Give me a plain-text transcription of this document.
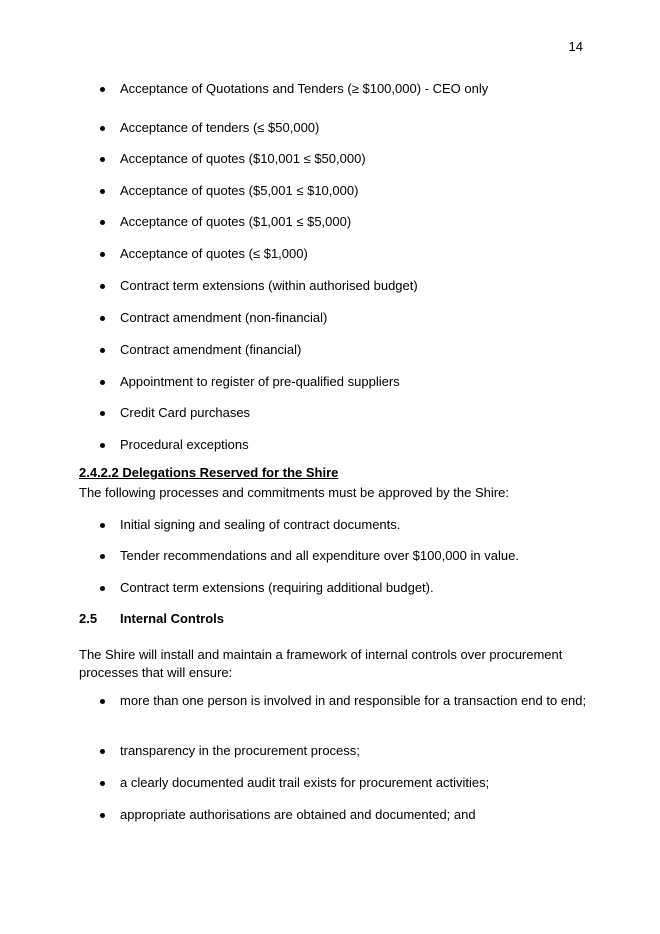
14
Acceptance of Quotations and Tenders (≥ $100,000) - CEO only
Acceptance of tenders (≤ $50,000)
Acceptance of quotes ($10,001 ≤ $50,000)
Acceptance of quotes ($5,001 ≤ $10,000)
Acceptance of quotes ($1,001 ≤ $5,000)
Acceptance of quotes (≤ $1,000)
Contract term extensions (within authorised budget)
Contract amendment (non-financial)
Contract amendment (financial)
Appointment to register of pre-qualified suppliers
Credit Card purchases
Procedural exceptions
2.4.2.2 Delegations Reserved for the Shire
The following processes and commitments must be approved by the Shire:
Initial signing and sealing of contract documents.
Tender recommendations and all expenditure over $100,000 in value.
Contract term extensions (requiring additional budget).
2.5 Internal Controls
The Shire will install and maintain a framework of internal controls over procurement processes that will ensure:
more than one person is involved in and responsible for a transaction end to end;
transparency in the procurement process;
a clearly documented audit trail exists for procurement activities;
appropriate authorisations are obtained and documented; and
